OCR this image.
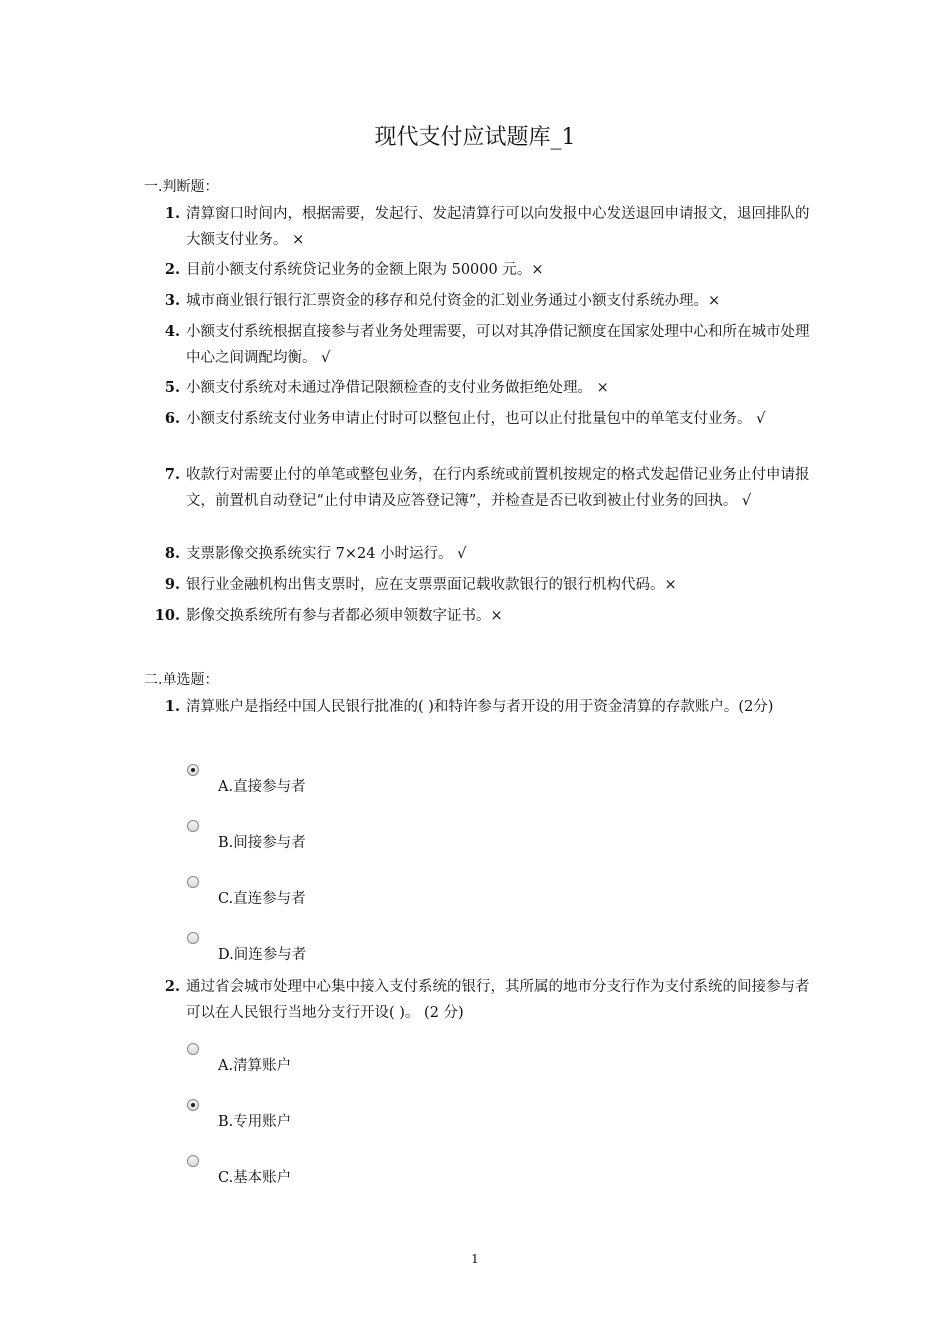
现代支付应试题库_1
一.判断题：
1. 清算窗口时间内，根据需要，发起行、发起清算行可以向发报中心发送退回申请报文，退回排队的大额支付业务。 ×
2. 目前小额支付系统贷记业务的金额上限为 50000 元。×
3. 城市商业银行银行汇票资金的移存和兑付资金的汇划业务通过小额支付系统办理。×
4. 小额支付系统根据直接参与者业务处理需要，可以对其净借记额度在国家处理中心和所在城市处理中心之间调配均衡。 √
5. 小额支付系统对未通过净借记限额检查的支付业务做拒绝处理。 ×
6. 小额支付系统支付业务申请止付时可以整包止付，也可以止付批量包中的单笔支付业务。 √
7. 收款行对需要止付的单笔或整包业务，在行内系统或前置机按规定的格式发起借记业务止付申请报文，前置机自动登记“止付申请及应答登记簿”，并检查是否已收到被止付业务的回执。 √
8. 支票影像交换系统实行 7×24 小时运行。 √
9. 银行业金融机构出售支票时，应在支票票面记载收款银行的银行机构代码。×
10. 影像交换系统所有参与者都必须申领数字证书。×
二.单选题：
1. 清算账户是指经中国人民银行批准的( )和特许参与者开设的用于资金清算的存款账户。(2分)
A.直接参与者
B.间接参与者
C.直连参与者
D.间连参与者
2. 通过省会城市处理中心集中接入支付系统的银行，其所属的地市分支行作为支付系统的间接参与者可以在人民银行当地分支行开设( )。 (2 分)
A.清算账户
B.专用账户
C.基本账户
1
